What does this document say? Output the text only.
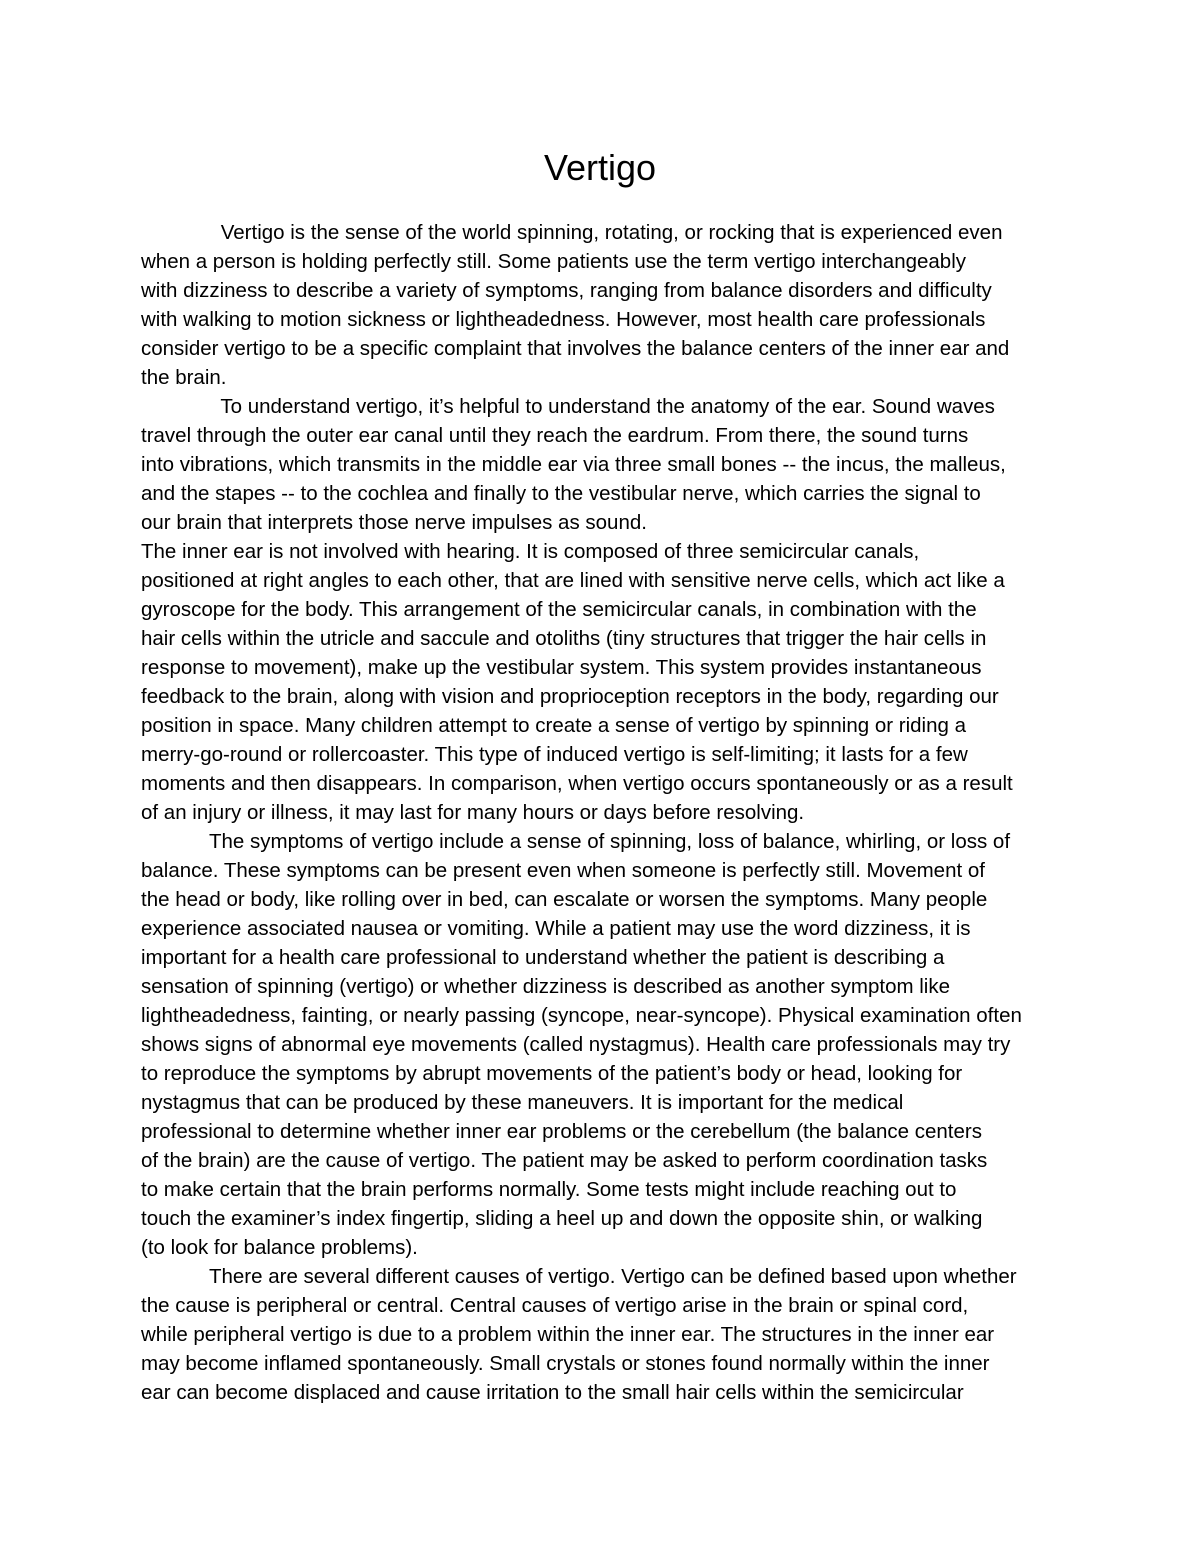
Vertigo
Vertigo is the sense of the world spinning, rotating, or rocking that is experienced even
when a person is holding perfectly still. Some patients use the term vertigo interchangeably
with dizziness to describe a variety of symptoms, ranging from balance disorders and difficulty
with walking to motion sickness or lightheadedness. However, most health care professionals
consider vertigo to be a specific complaint that involves the balance centers of the inner ear and
the brain.
To understand vertigo, it’s helpful to understand the anatomy of the ear. Sound waves
travel through the outer ear canal until they reach the eardrum. From there, the sound turns
into vibrations, which transmits in the middle ear via three small bones -- the incus, the malleus,
and the stapes -- to the cochlea and finally to the vestibular nerve, which carries the signal to
our brain that interprets those nerve impulses as sound.
The inner ear is not involved with hearing. It is composed of three semicircular canals,
positioned at right angles to each other, that are lined with sensitive nerve cells, which act like a
gyroscope for the body. This arrangement of the semicircular canals, in combination with the
hair cells within the utricle and saccule and otoliths (tiny structures that trigger the hair cells in
response to movement), make up the vestibular system. This system provides instantaneous
feedback to the brain, along with vision and proprioception receptors in the body, regarding our
position in space. Many children attempt to create a sense of vertigo by spinning or riding a
merry-go-round or rollercoaster. This type of induced vertigo is self-limiting; it lasts for a few
moments and then disappears. In comparison, when vertigo occurs spontaneously or as a result
of an injury or illness, it may last for many hours or days before resolving.
The symptoms of vertigo include a sense of spinning, loss of balance, whirling, or loss of
balance. These symptoms can be present even when someone is perfectly still. Movement of
the head or body, like rolling over in bed, can escalate or worsen the symptoms. Many people
experience associated nausea or vomiting. While a patient may use the word dizziness, it is
important for a health care professional to understand whether the patient is describing a
sensation of spinning (vertigo) or whether dizziness is described as another symptom like
lightheadedness, fainting, or nearly passing (syncope, near-syncope). Physical examination often
shows signs of abnormal eye movements (called nystagmus). Health care professionals may try
to reproduce the symptoms by abrupt movements of the patient’s body or head, looking for
nystagmus that can be produced by these maneuvers. It is important for the medical
professional to determine whether inner ear problems or the cerebellum (the balance centers
of the brain) are the cause of vertigo. The patient may be asked to perform coordination tasks
to make certain that the brain performs normally. Some tests might include reaching out to
touch the examiner’s index fingertip, sliding a heel up and down the opposite shin, or walking
(to look for balance problems).
There are several different causes of vertigo. Vertigo can be defined based upon whether
the cause is peripheral or central. Central causes of vertigo arise in the brain or spinal cord,
while peripheral vertigo is due to a problem within the inner ear. The structures in the inner ear
may become inflamed spontaneously. Small crystals or stones found normally within the inner
ear can become displaced and cause irritation to the small hair cells within the semicircular
